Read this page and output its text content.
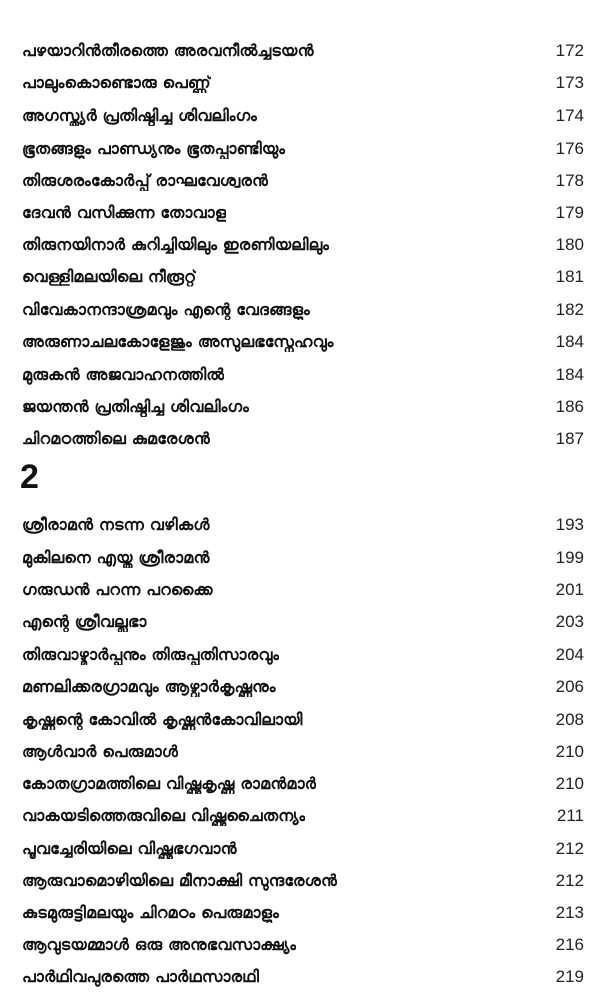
പഴയാറിൻതീരത്തെ അരവനീൽച്ചടയൻ	172
പാലുംകൊണ്ടൊരു പെണ്ണ്	173
അഗസ്ത്യർ പ്രതിഷ്ഠിച്ച ശിവലിംഗം	174
ഭൂതങ്ങളും പാണ്ഡ്യനും ഭൂതപ്പാണ്ടിയും	176
തിരുശരംകോർപ്പ് രാഘവേശ്വരൻ	178
ദേവൻ വസിക്കുന്ന തോവാള	179
തിരുനയിനാർ കുറിച്ചിയിലും ഇരണിയലിലും	180
വെള്ളിമലയിലെ നീരൂറ്റ്	181
വിവേകാനന്ദാശ്രമവും എന്റെ വേദങ്ങളും	182
അരുണാചലകോളേജും അസുലഭസ്നേഹവും	184
മുരുകൻ അജവാഹനത്തിൽ	184
ജയന്തൻ പ്രതിഷ്ഠിച്ച ശിവലിംഗം	186
ചിറമഠത്തിലെ കുമരേശൻ	187
2
ശ്രീരാമൻ നടന്ന വഴികൾ	193
മുകിലനെ എയ്ത ശ്രീരാമൻ	199
ഗരുഡൻ പറന്ന പറക്കൈ	201
എന്റെ ശ്രീവല്ലഭാ	203
തിരുവാഴ്മാർപ്പനും തിരുപ്പതിസാരവും	204
മണലിക്കരഗ്രാമവും ആഴ്വാർകൃഷ്ണനും	206
കൃഷ്ണന്റെ കോവിൽ കൃഷ്ണൻകോവിലായി	208
ആൾവാർ പെരുമാൾ	210
കോതഗ്രാമത്തിലെ വിഷ്ണുകൃഷ്ണ രാമൻമാർ	210
വാകയടിത്തെരുവിലെ വിഷ്ണുചൈതന്യം	211
പൂവച്ചേരിയിലെ വിഷ്ണുഭഗവാൻ	212
ആരുവാമൊഴിയിലെ മീനാക്ഷി സുന്ദരേശൻ	212
കുടമുരുട്ടിമലയും ചിറമഠം പെരുമാളും	213
ആവുടയമ്മാൾ ഒരു അനുഭവസാക്ഷ്യം	216
പാർഥിവപുരത്തെ പാർഥസാരഥി	219
